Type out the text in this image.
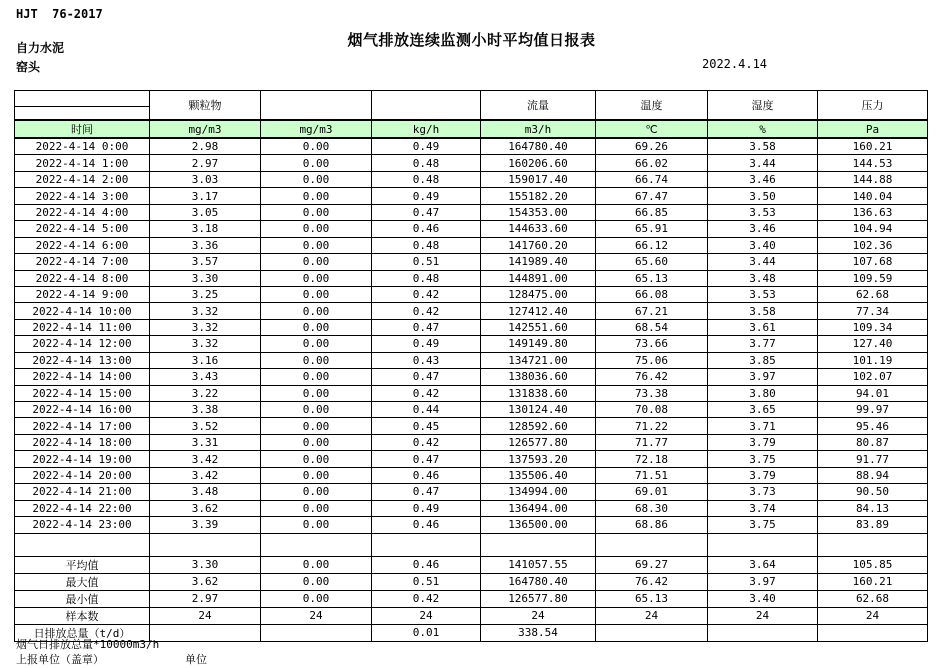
HJT  76-2017
烟气排放连续监测小时平均值日报表
自力水泥
窑头	2022.4.14
	颗粒物			流量	温度	湿度	压力

时间	mg/m3	mg/m3	kg/h	m3/h	℃	%	Pa
2022-4-14 0:00	2.98	0.00	0.49	164780.40	69.26	3.58	160.21
2022-4-14 1:00	2.97	0.00	0.48	160206.60	66.02	3.44	144.53
2022-4-14 2:00	3.03	0.00	0.48	159017.40	66.74	3.46	144.88
2022-4-14 3:00	3.17	0.00	0.49	155182.20	67.47	3.50	140.04
2022-4-14 4:00	3.05	0.00	0.47	154353.00	66.85	3.53	136.63
2022-4-14 5:00	3.18	0.00	0.46	144633.60	65.91	3.46	104.94
2022-4-14 6:00	3.36	0.00	0.48	141760.20	66.12	3.40	102.36
2022-4-14 7:00	3.57	0.00	0.51	141989.40	65.60	3.44	107.68
2022-4-14 8:00	3.30	0.00	0.48	144891.00	65.13	3.48	109.59
2022-4-14 9:00	3.25	0.00	0.42	128475.00	66.08	3.53	62.68
2022-4-14 10:00	3.32	0.00	0.42	127412.40	67.21	3.58	77.34
2022-4-14 11:00	3.32	0.00	0.47	142551.60	68.54	3.61	109.34
2022-4-14 12:00	3.32	0.00	0.49	149149.80	73.66	3.77	127.40
2022-4-14 13:00	3.16	0.00	0.43	134721.00	75.06	3.85	101.19
2022-4-14 14:00	3.43	0.00	0.47	138036.60	76.42	3.97	102.07
2022-4-14 15:00	3.22	0.00	0.42	131838.60	73.38	3.80	94.01
2022-4-14 16:00	3.38	0.00	0.44	130124.40	70.08	3.65	99.97
2022-4-14 17:00	3.52	0.00	0.45	128592.60	71.22	3.71	95.46
2022-4-14 18:00	3.31	0.00	0.42	126577.80	71.77	3.79	80.87
2022-4-14 19:00	3.42	0.00	0.47	137593.20	72.18	3.75	91.77
2022-4-14 20:00	3.42	0.00	0.46	135506.40	71.51	3.79	88.94
2022-4-14 21:00	3.48	0.00	0.47	134994.00	69.01	3.73	90.50
2022-4-14 22:00	3.62	0.00	0.49	136494.00	68.30	3.74	84.13
2022-4-14 23:00	3.39	0.00	0.46	136500.00	68.86	3.75	83.89

平均值	3.30	0.00	0.46	141057.55	69.27	3.64	105.85
最大值	3.62	0.00	0.51	164780.40	76.42	3.97	160.21
最小值	2.97	0.00	0.42	126577.80	65.13	3.40	62.68
样本数	24	24	24	24	24	24	24
日排放总量（t/d）			0.01	338.54			
烟气日排放总量*10000m3/h
上报单位（盖章）	单位
